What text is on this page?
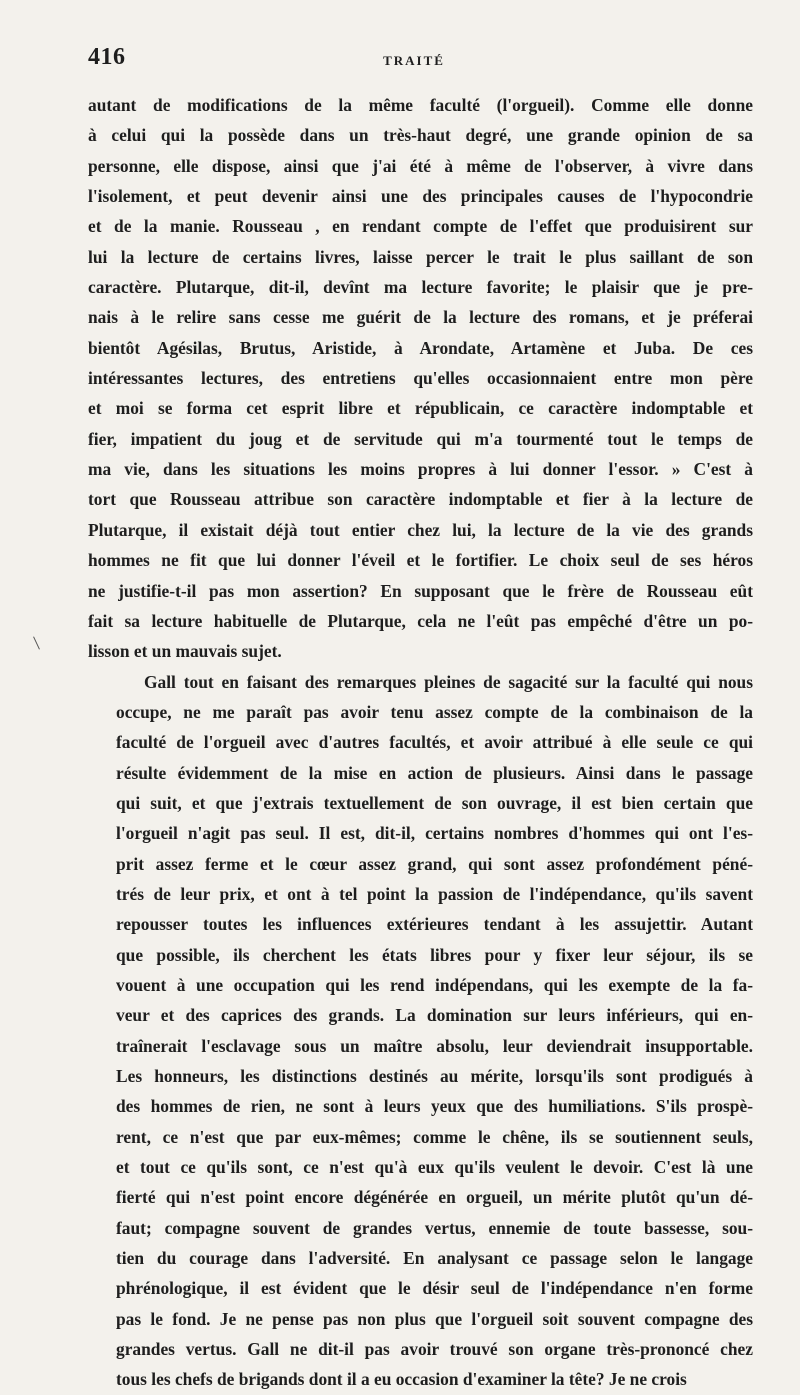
416	TRAITÉ

autant de modifications de la même faculté (l'orgueil). Comme elle donne
à celui qui la possède dans un très-haut degré, une grande opinion de sa
personne, elle dispose, ainsi que j'ai été à même de l'observer, à vivre dans
l'isolement, et peut devenir ainsi une des principales causes de l'hypocondrie
et de la manie. Rousseau , en rendant compte de l'effet que produisirent sur
lui la lecture de certains livres, laisse percer le trait le plus saillant de son
caractère. Plutarque, dit-il, devînt ma lecture favorite; le plaisir que je pre-
nais à le relire sans cesse me guérit de la lecture des romans, et je préferai
bientôt Agésilas, Brutus, Aristide, à Arondate, Artamène et Juba. De ces
intéressantes lectures, des entretiens qu'elles occasionnaient entre mon père
et moi se forma cet esprit libre et républicain, ce caractère indomptable et
fier, impatient du joug et de servitude qui m'a tourmenté tout le temps de
ma vie, dans les situations les moins propres à lui donner l'essor. » C'est à
tort que Rousseau attribue son caractère indomptable et fier à la lecture de
Plutarque, il existait déjà tout entier chez lui, la lecture de la vie des grands
hommes ne fit que lui donner l'éveil et le fortifier. Le choix seul de ses héros
ne justifie-t-il pas mon assertion? En supposant que le frère de Rousseau eût
fait sa lecture habituelle de Plutarque, cela ne l'eût pas empêché d'être un po-
lisson et un mauvais sujet.

Gall tout en faisant des remarques pleines de sagacité sur la faculté qui nous
occupe, ne me paraît pas avoir tenu assez compte de la combinaison de la
faculté de l'orgueil avec d'autres facultés, et avoir attribué à elle seule ce qui
résulte évidemment de la mise en action de plusieurs. Ainsi dans le passage
qui suit, et que j'extrais textuellement de son ouvrage, il est bien certain que
l'orgueil n'agit pas seul. Il est, dit-il, certains nombres d'hommes qui ont l'es-
prit assez ferme et le cœur assez grand, qui sont assez profondément péné-
trés de leur prix, et ont à tel point la passion de l'indépendance, qu'ils savent
repousser toutes les influences extérieures tendant à les assujettir. Autant
que possible, ils cherchent les états libres pour y fixer leur séjour, ils se
vouent à une occupation qui les rend indépendans, qui les exempte de la fa-
veur et des caprices des grands. La domination sur leurs inférieurs, qui en-
traînerait l'esclavage sous un maître absolu, leur deviendrait insupportable.
Les honneurs, les distinctions destinés au mérite, lorsqu'ils sont prodigués à
des hommes de rien, ne sont à leurs yeux que des humiliations. S'ils prospè-
rent, ce n'est que par eux-mêmes; comme le chêne, ils se soutiennent seuls,
et tout ce qu'ils sont, ce n'est qu'à eux qu'ils veulent le devoir. C'est là une
fierté qui n'est point encore dégénérée en orgueil, un mérite plutôt qu'un dé-
faut; compagne souvent de grandes vertus, ennemie de toute bassesse, sou-
tien du courage dans l'adversité. En analysant ce passage selon le langage
phrénologique, il est évident que le désir seul de l'indépendance n'en forme
pas le fond. Je ne pense pas non plus que l'orgueil soit souvent compagne des
grandes vertus. Gall ne dit-il pas avoir trouvé son organe très-prononcé chez
tous les chefs de brigands dont il a eu occasion d'examiner la tête? Je ne crois
